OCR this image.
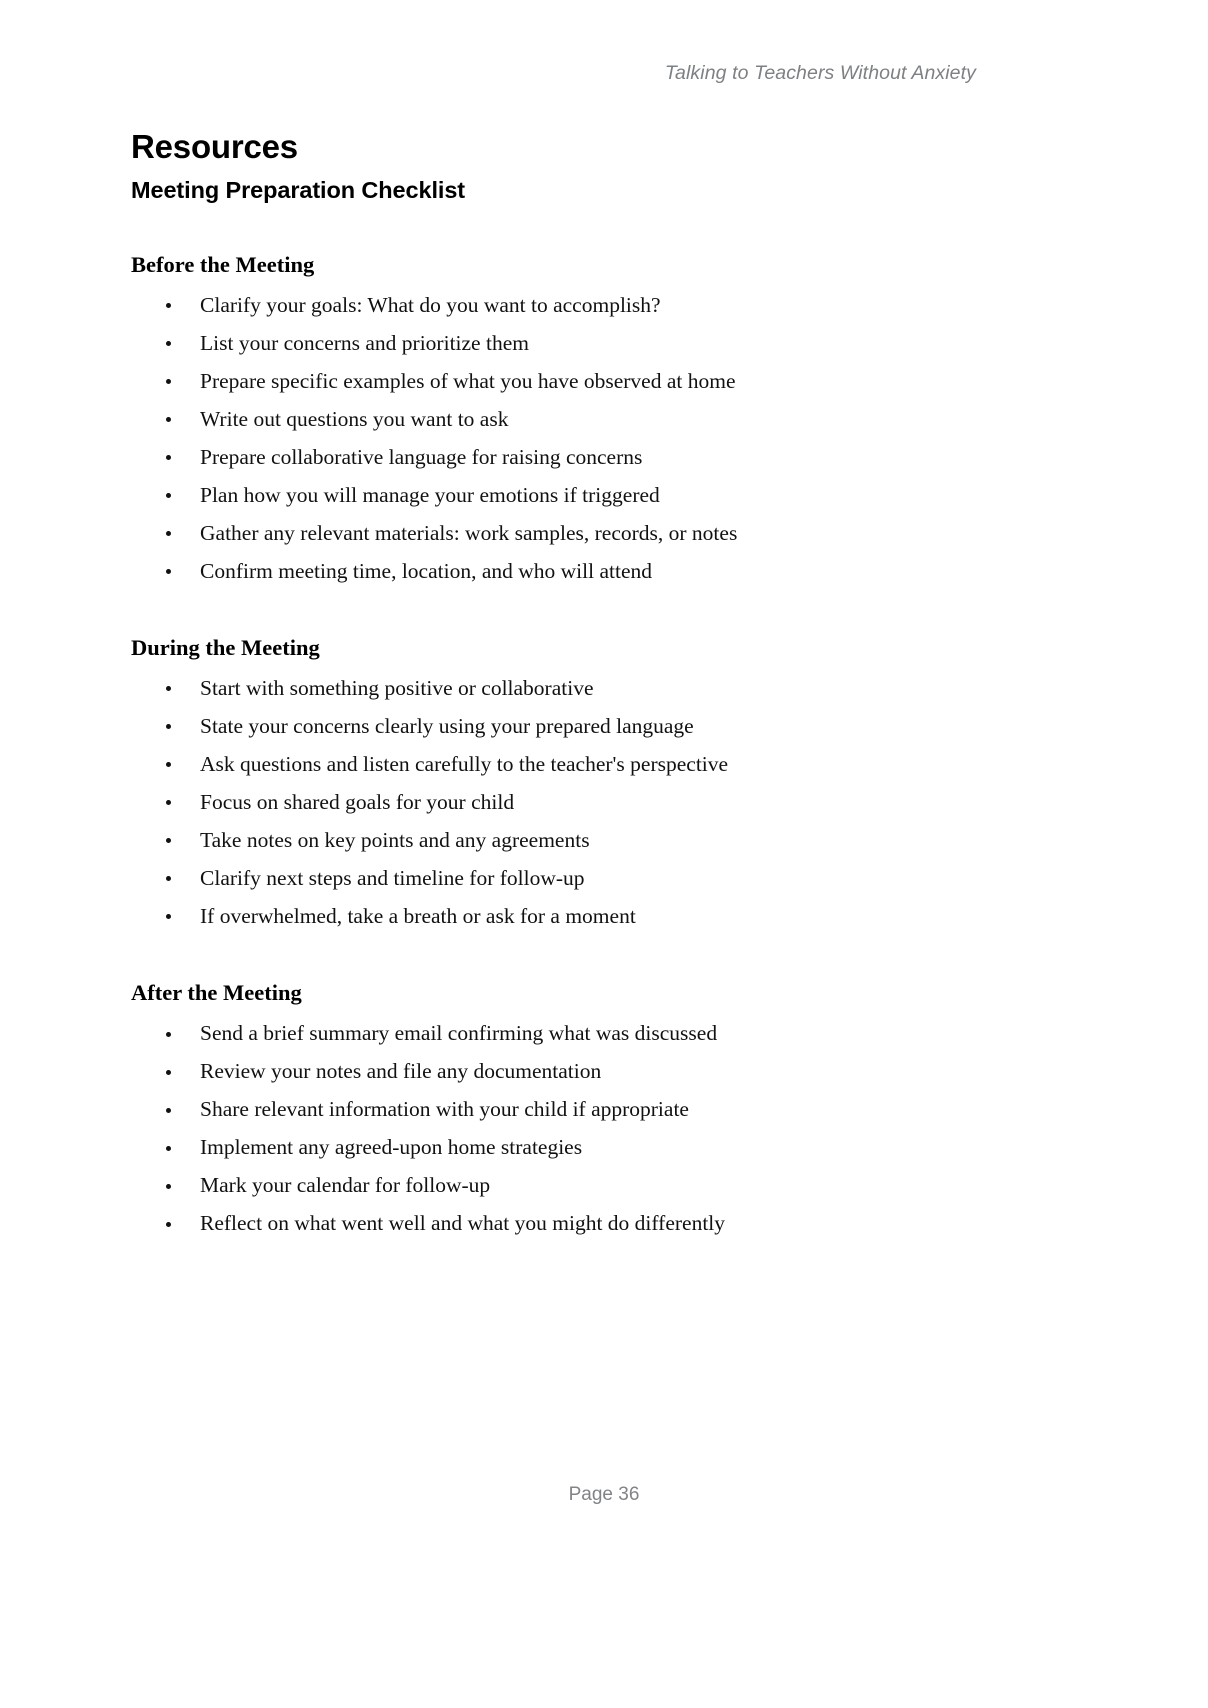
Talking to Teachers Without Anxiety
Resources
Meeting Preparation Checklist
Before the Meeting
Clarify your goals: What do you want to accomplish?
List your concerns and prioritize them
Prepare specific examples of what you have observed at home
Write out questions you want to ask
Prepare collaborative language for raising concerns
Plan how you will manage your emotions if triggered
Gather any relevant materials: work samples, records, or notes
Confirm meeting time, location, and who will attend
During the Meeting
Start with something positive or collaborative
State your concerns clearly using your prepared language
Ask questions and listen carefully to the teacher's perspective
Focus on shared goals for your child
Take notes on key points and any agreements
Clarify next steps and timeline for follow-up
If overwhelmed, take a breath or ask for a moment
After the Meeting
Send a brief summary email confirming what was discussed
Review your notes and file any documentation
Share relevant information with your child if appropriate
Implement any agreed-upon home strategies
Mark your calendar for follow-up
Reflect on what went well and what you might do differently
Page 36
